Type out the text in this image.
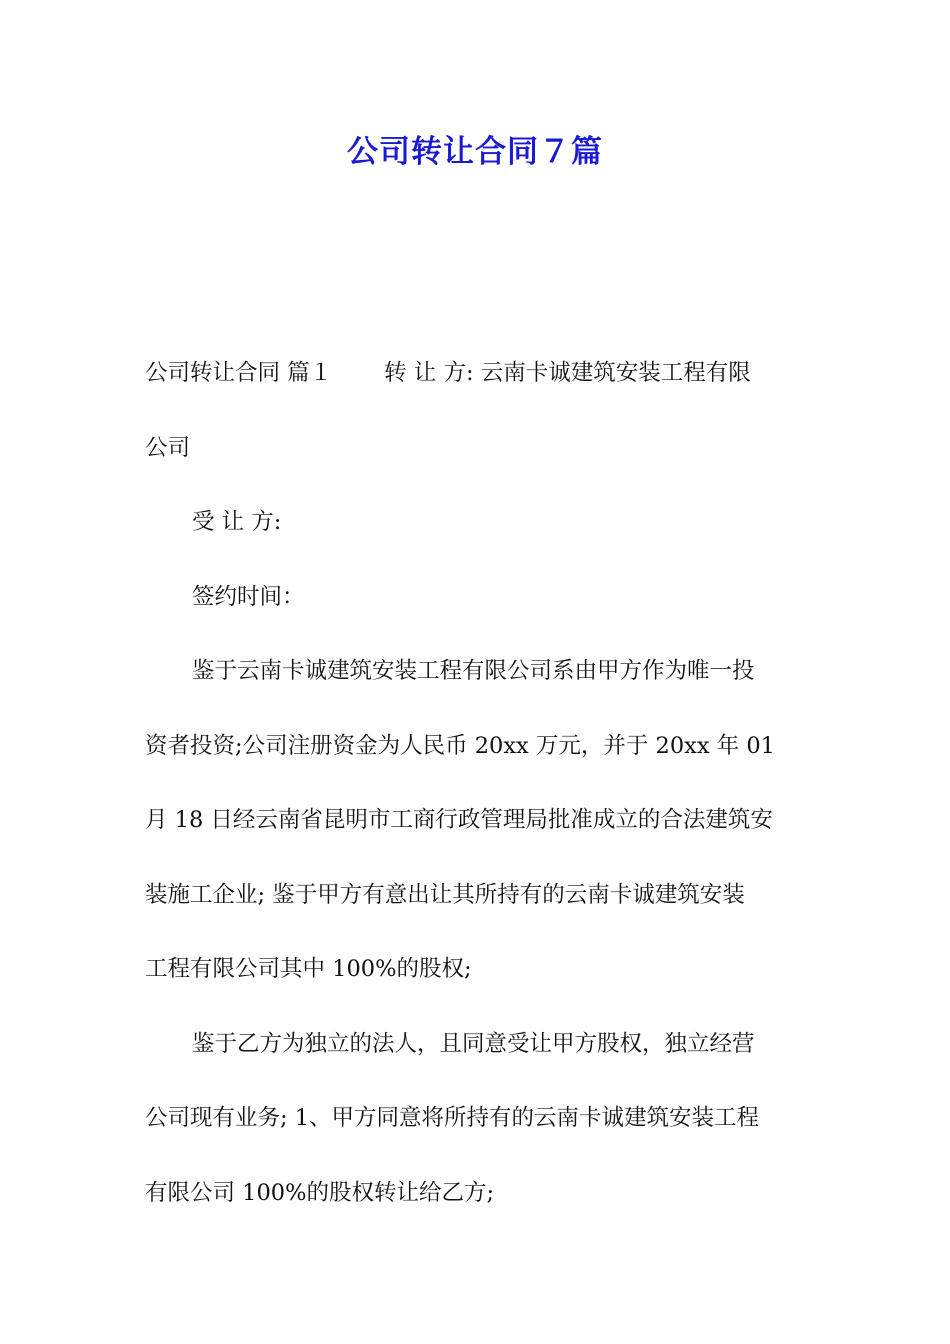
公司转让合同７篇
公司转让合同 篇１ 转 让 方: 云南卡诚建筑安装工程有限
公司
受 让 方:
签约时间：
鉴于云南卡诚建筑安装工程有限公司系由甲方作为唯一投
资者投资;公司注册资金为人民币 20xx 万元，并于 20xx 年 01
月 18 日经云南省昆明市工商行政管理局批准成立的合法建筑安
装施工企业; 鉴于甲方有意出让其所持有的云南卡诚建筑安装
工程有限公司其中 100%的股权;
鉴于乙方为独立的法人，且同意受让甲方股权，独立经营
公司现有业务; 1、甲方同意将所持有的云南卡诚建筑安装工程
有限公司 100%的股权转让给乙方;
